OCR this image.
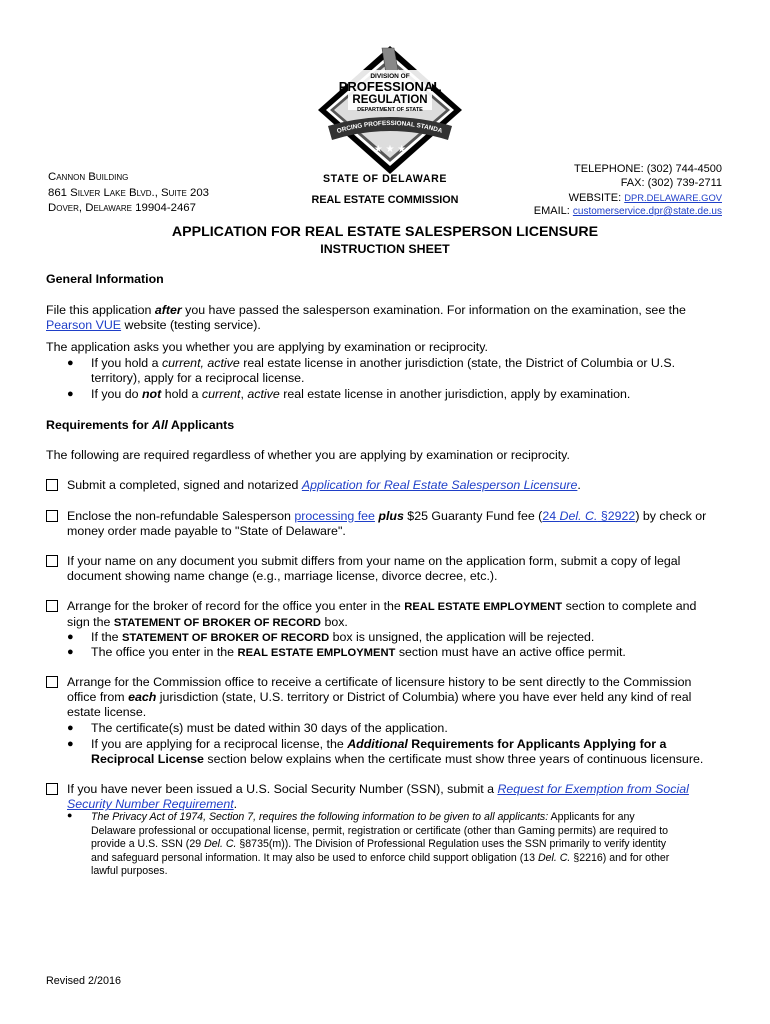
DIVISION OF
PROFESSIONAL
REGULATION
DEPARTMENT OF STATE
ORCING PROFESSIONAL STANDA
★ ★ ★
Cannon Building
861 Silver Lake Blvd., Suite 203
Dover, Delaware 19904-2467
STATE OF DELAWARE
REAL ESTATE COMMISSION
TELEPHONE: (302) 744-4500
FAX: (302) 739-2711
WEBSITE: DPR.DELAWARE.GOV
EMAIL: customerservice.dpr@state.de.us
APPLICATION FOR REAL ESTATE SALESPERSON LICENSURE
INSTRUCTION SHEET
General Information
File this application after you have passed the salesperson examination. For information on the examination, see the
Pearson VUE website (testing service).
The application asks you whether you are applying by examination or reciprocity.
● If you hold a current, active real estate license in another jurisdiction (state, the District of Columbia or U.S.
territory), apply for a reciprocal license.
● If you do not hold a current, active real estate license in another jurisdiction, apply by examination.
Requirements for All Applicants
The following are required regardless of whether you are applying by examination or reciprocity.
Submit a completed, signed and notarized Application for Real Estate Salesperson Licensure.
Enclose the non-refundable Salesperson processing fee plus $25 Guaranty Fund fee (24 Del. C. §2922) by check or
money order made payable to "State of Delaware".
If your name on any document you submit differs from your name on the application form, submit a copy of legal
document showing name change (e.g., marriage license, divorce decree, etc.).
Arrange for the broker of record for the office you enter in the REAL ESTATE EMPLOYMENT section to complete and
sign the STATEMENT OF BROKER OF RECORD box.
● If the STATEMENT OF BROKER OF RECORD box is unsigned, the application will be rejected.
● The office you enter in the REAL ESTATE EMPLOYMENT section must have an active office permit.
Arrange for the Commission office to receive a certificate of licensure history to be sent directly to the Commission
office from each jurisdiction (state, U.S. territory or District of Columbia) where you have ever held any kind of real
estate license.
● The certificate(s) must be dated within 30 days of the application.
● If you are applying for a reciprocal license, the Additional Requirements for Applicants Applying for a
Reciprocal License section below explains when the certificate must show three years of continuous licensure.
If you have never been issued a U.S. Social Security Number (SSN), submit a Request for Exemption from Social
Security Number Requirement.
● The Privacy Act of 1974, Section 7, requires the following information to be given to all applicants: Applicants for any
Delaware professional or occupational license, permit, registration or certificate (other than Gaming permits) are required to
provide a U.S. SSN (29 Del. C. §8735(m)). The Division of Professional Regulation uses the SSN primarily to verify identity
and safeguard personal information. It may also be used to enforce child support obligation (13 Del. C. §2216) and for other
lawful purposes.
Revised 2/2016
